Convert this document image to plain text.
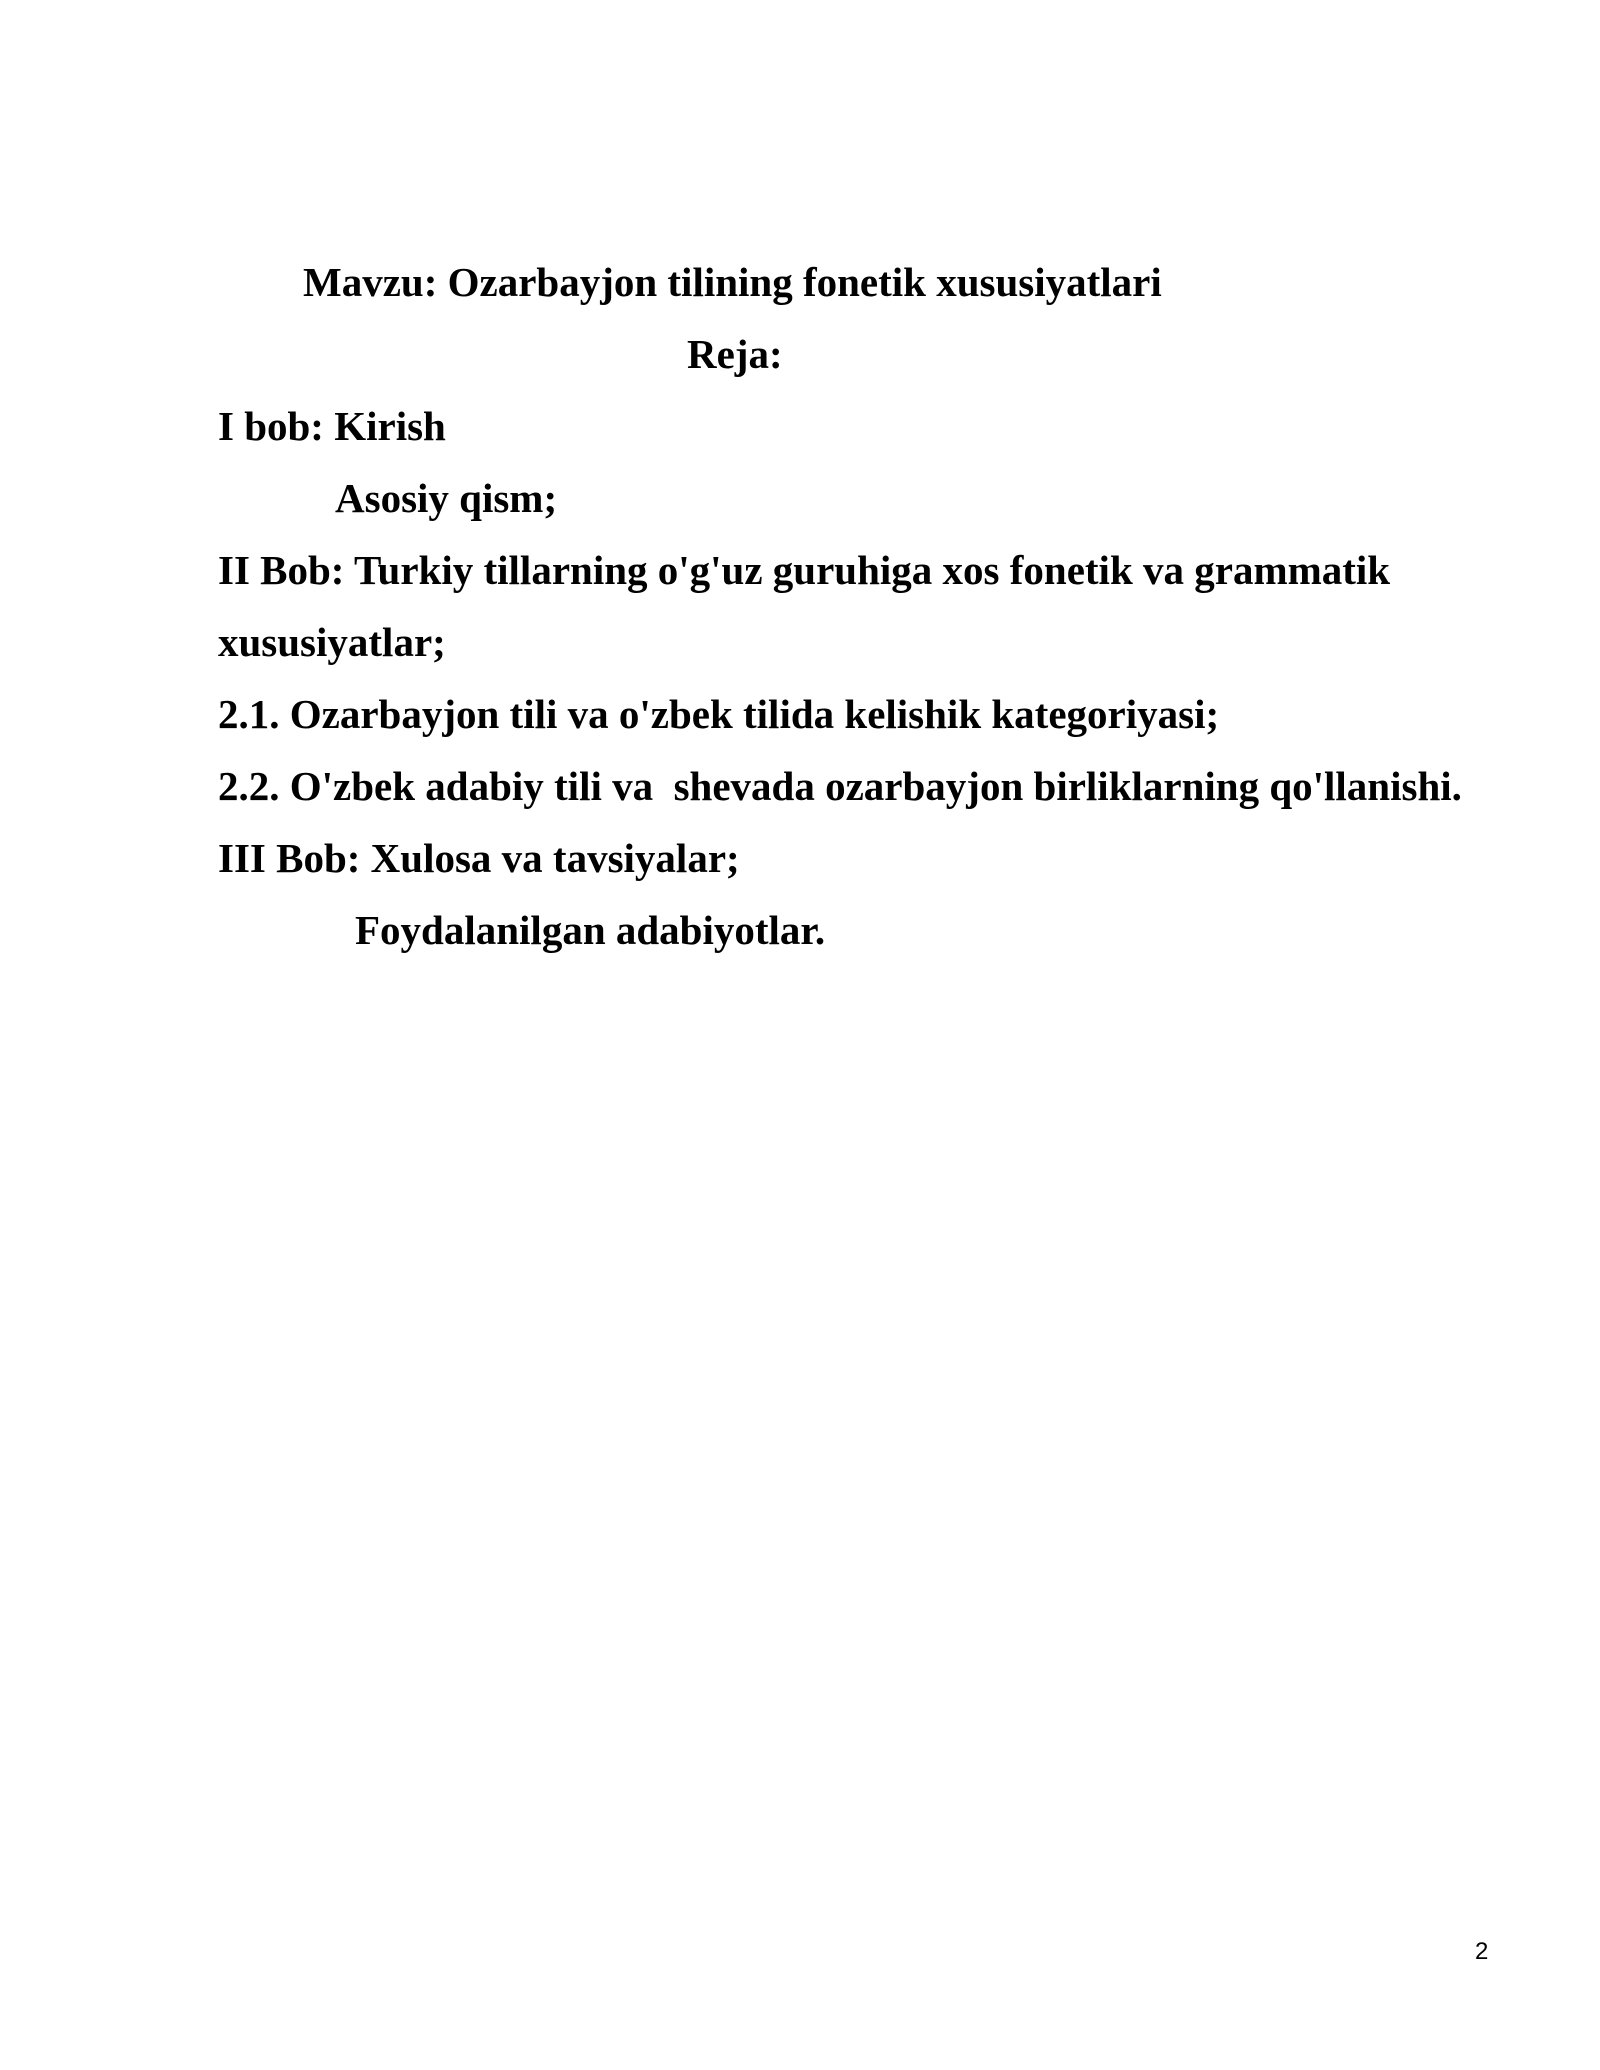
Mavzu: Ozarbayjon tilining fonetik xususiyatlari
Reja:
I bob: Kirish
Asosiy qism;
II Bob: Turkiy tillarning o'g'uz guruhiga xos fonetik va grammatik
xususiyatlar;
2.1. Ozarbayjon tili va o'zbek tilida kelishik kategoriyasi;
2.2. O'zbek adabiy tili va  shevada ozarbayjon birliklarning qo'llanishi.
III Bob: Xulosa va tavsiyalar;
Foydalanilgan adabiyotlar.
2
